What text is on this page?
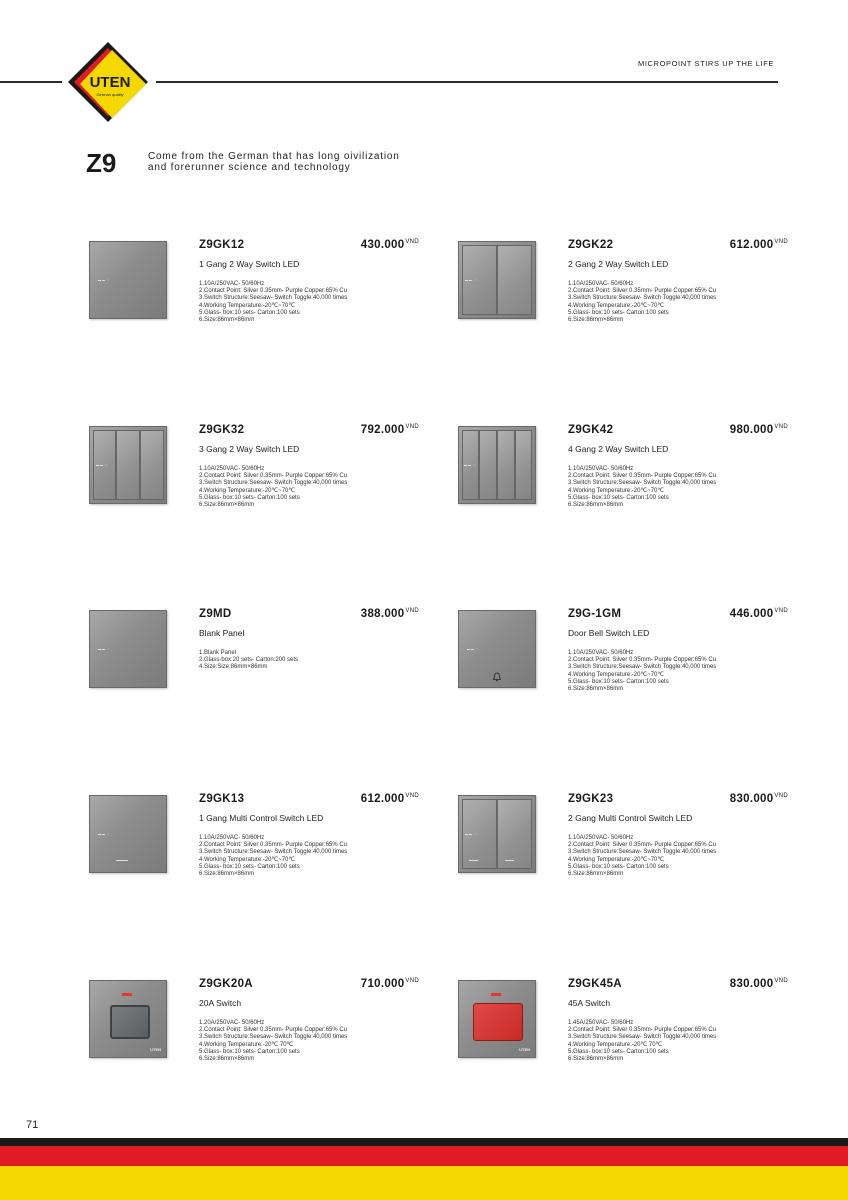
UTEN
German quality
MICROPOINT STIRS UP THE LIFE
Z9	Come from the German that has long oivilization and forerunner science and technology
▬ ▬ · ○
Z9GK12	$430.000^{VND}$
1 Gang 2 Way Switch LED
1.10A/250VAC- 50/60Hz
2.Contact Point: Silver 0.35mm- Purple Copper:65% Cu
3.Switch Structure:Seesaw- Switch Toggle:40,000 times
4.Working Temperature:-20℃~70℃
5.Glass- box:10 sets- Carton:100 sets
6.Size:86mm×86mm
▬ ▬ · ○
Z9GK22	$612.000^{VND}$
2 Gang 2 Way Switch LED
1.10A/250VAC- 50/60Hz
2.Contact Point: Silver 0.35mm- Purple Copper:65% Cu
3.Switch Structure:Seesaw- Switch Toggle:40,000 times
4.Working Temperature:-20℃~70℃
5.Glass- box:10 sets- Carton:100 sets
6.Size:86mm×86mm
▬ ▬ · ○
Z9GK32	$792.000^{VND}$
3 Gang 2 Way Switch LED
1.10A/250VAC- 50/60Hz
2.Contact Point: Silver 0.35mm- Purple Copper:65% Cu
3.Switch Structure:Seesaw- Switch Toggle:40,000 times
4.Working Temperature:-20℃~70℃
5.Glass- box:10 sets- Carton:100 sets
6.Size:86mm×86mm
▬ ▬ · ○
Z9GK42	$980.000^{VND}$
4 Gang 2 Way Switch LED
1.10A/250VAC- 50/60Hz
2.Contact Point: Silver 0.35mm- Purple Copper:65% Cu
3.Switch Structure:Seesaw- Switch Toggle:40,000 times
4.Working Temperature:-20℃~70℃
5.Glass- box:10 sets- Carton:100 sets
6.Size:86mm×86mm
▬ ▬ · ○
Z9MD	$388.000^{VND}$
Blank Panel
1.Blank Panel
2.Glass-box:20 sets- Carton:200 sets
4.Size:Size:86mm×86mm
▬ ▬ · ○
Z9G-1GM	$446.000^{VND}$
Door Bell Switch LED
1.10A/250VAC- 50/60Hz
2.Contact Point: Silver 0.35mm- Purple Copper:65% Cu
3.Switch Structure:Seesaw- Switch Toggle:40,000 times
4.Working Temperature:-20℃~70℃
5.Glass- box:10 sets- Carton:100 sets
6.Size:86mm×86mm
▬ ▬ · ○
▬▬▬▬
Z9GK13	$612.000^{VND}$
1 Gang Multi Control Switch LED
1.10A/250VAC- 50/60Hz
2.Contact Point: Silver 0.35mm- Purple Copper:65% Cu
3.Switch Structure:Seesaw- Switch Toggle:40,000 times
4.Working Temperature:-20℃~70℃
5.Glass- box:10 sets- Carton:100 sets
6.Size:86mm×86mm
▬ ▬ · ○
▬▬▬	▬▬▬
Z9GK23	$830.000^{VND}$
2 Gang Multi Control Switch LED
1.10A/250VAC- 50/60Hz
2.Contact Point: Silver 0.35mm- Purple Copper:65% Cu
3.Switch Structure:Seesaw- Switch Toggle:40,000 times
4.Working Temperature:-20℃~70℃
5.Glass- box:10 sets- Carton:100 sets
6.Size:86mm×86mm
UTEN
Z9GK20A	$710.000^{VND}$
20A Switch
1.20A/250VAC- 50/60Hz
2.Contact Point: Silver 0.35mm- Purple Copper:65% Cu
3.Switch Structure:Seesaw- Switch Toggle:40,000 times
4.Working Temperature:-20℃ 70℃
5.Glass- box:10 sets- Carton:100 sets
6.Size:86mm×86mm
UTEN
Z9GK45A	$830.000^{VND}$
45A Switch
1.45A/250VAC- 50/60Hz
2.Contact Point: Silver 0.35mm- Purple Copper:65% Cu
3.Switch Structure:Seesaw- Switch Toggle:40,000 times
4.Working Temperature:-20℃ 70℃
5.Glass- box:10 sets- Carton:100 sets
6.Size:86mm×86mm
71
